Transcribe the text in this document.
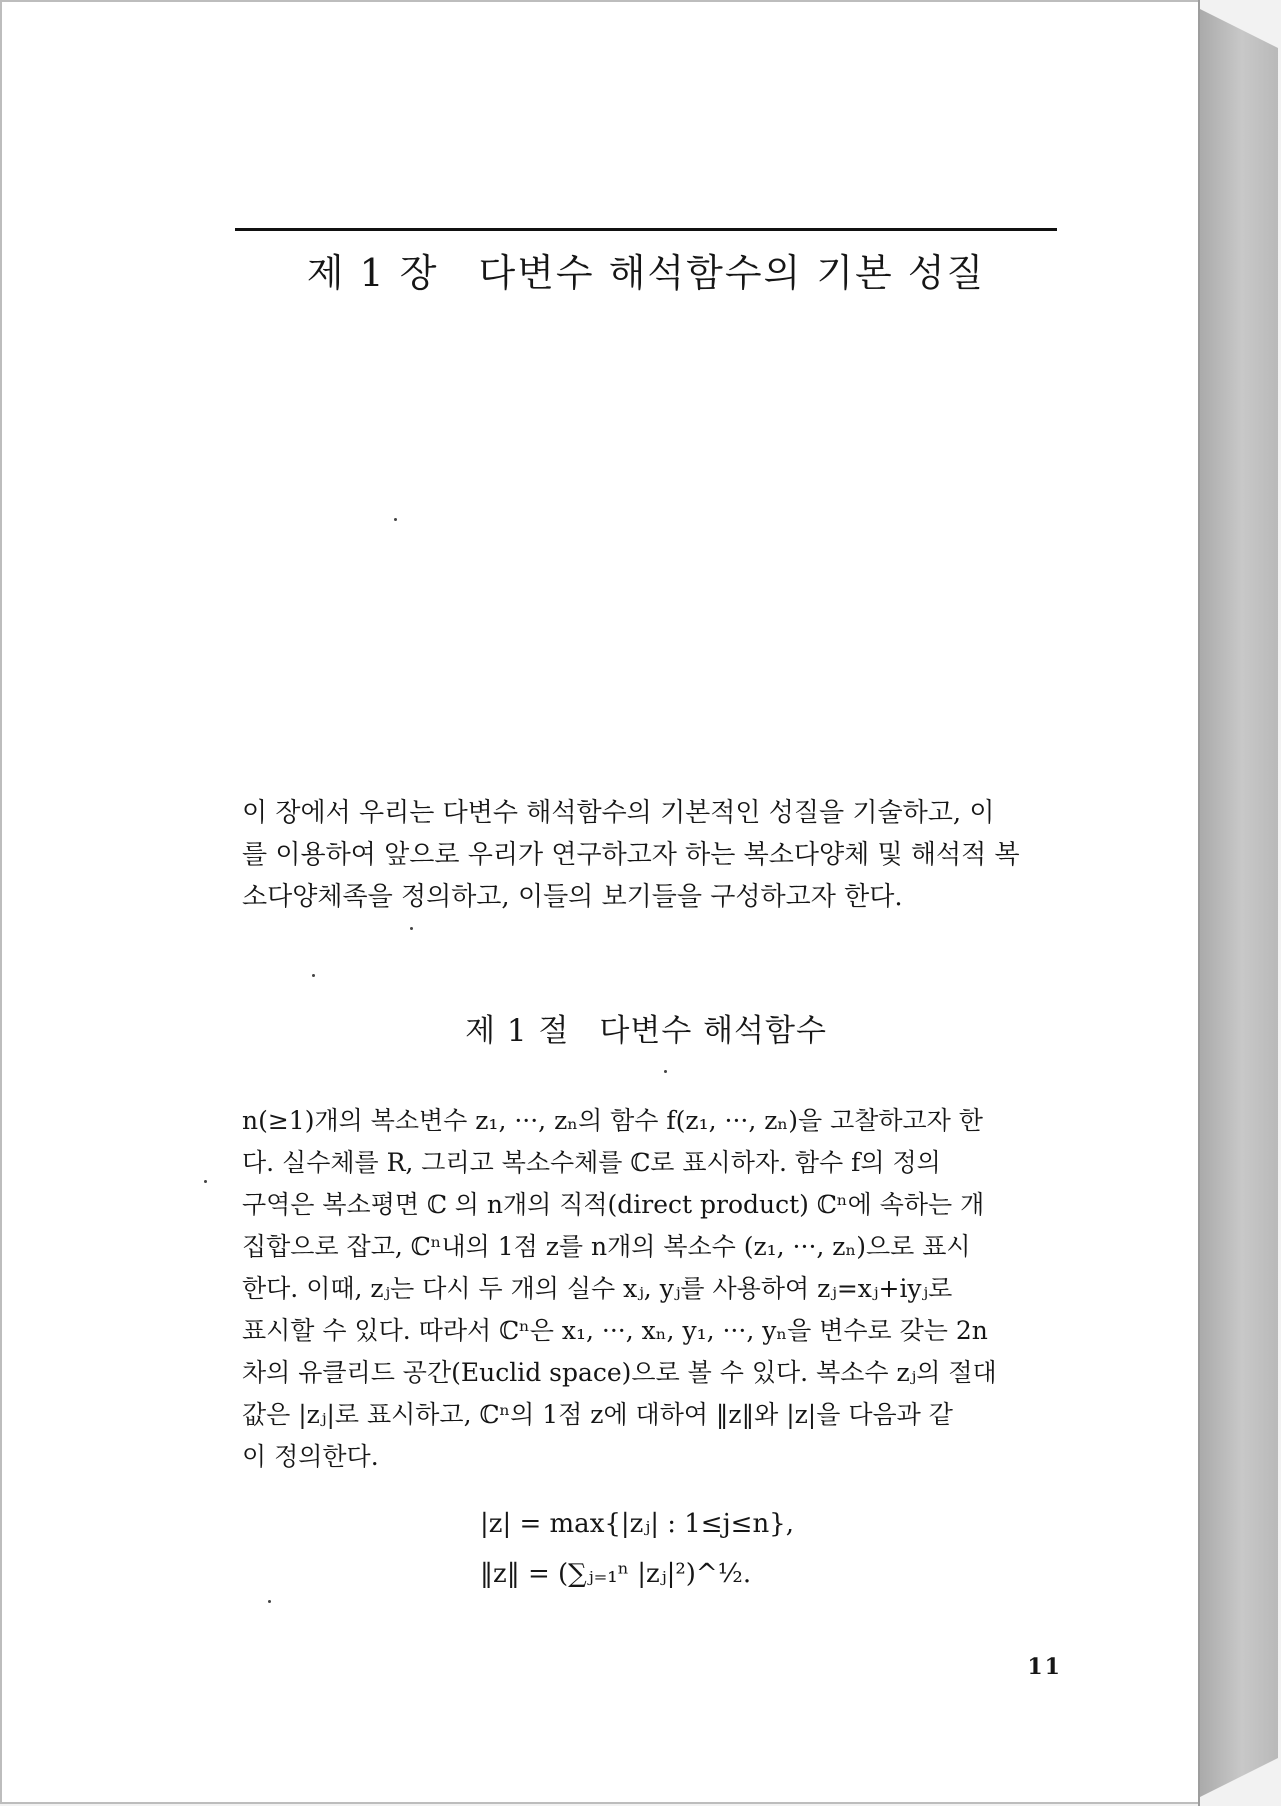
제 1 장 다변수 해석함수의 기본 성질
이 장에서 우리는 다변수 해석함수의 기본적인 성질을 기술하고, 이
를 이용하여 앞으로 우리가 연구하고자 하는 복소다양체 및 해석적 복
소다양체족을 정의하고, 이들의 보기들을 구성하고자 한다.
제 1 절 다변수 해석함수
n(≥1)개의 복소변수 z₁, ···, zₙ의 함수 f(z₁, ···, zₙ)을 고찰하고자 한
다. 실수체를 R, 그리고 복소수체를 ℂ로 표시하자. 함수 f의 정의
구역은 복소평면 ℂ 의 n개의 직적(direct product) ℂⁿ에 속하는 개
집합으로 잡고, ℂⁿ내의 1점 z를 n개의 복소수 (z₁, ···, zₙ)으로 표시
한다. 이때, zⱼ는 다시 두 개의 실수 xⱼ, yⱼ를 사용하여 zⱼ=xⱼ+iyⱼ로
표시할 수 있다. 따라서 ℂⁿ은 x₁, ···, xₙ, y₁, ···, yₙ을 변수로 갖는 2n
차의 유클리드 공간(Euclid space)으로 볼 수 있다. 복소수 zⱼ의 절대
값은 |zⱼ|로 표시하고, ℂⁿ의 1점 z에 대하여 ‖z‖와 |z|을 다음과 같
이 정의한다.
|z| = max{|zⱼ| : 1≤j≤n},
‖z‖ = (∑ⱼ₌₁ⁿ |zⱼ|²)^½.
11
